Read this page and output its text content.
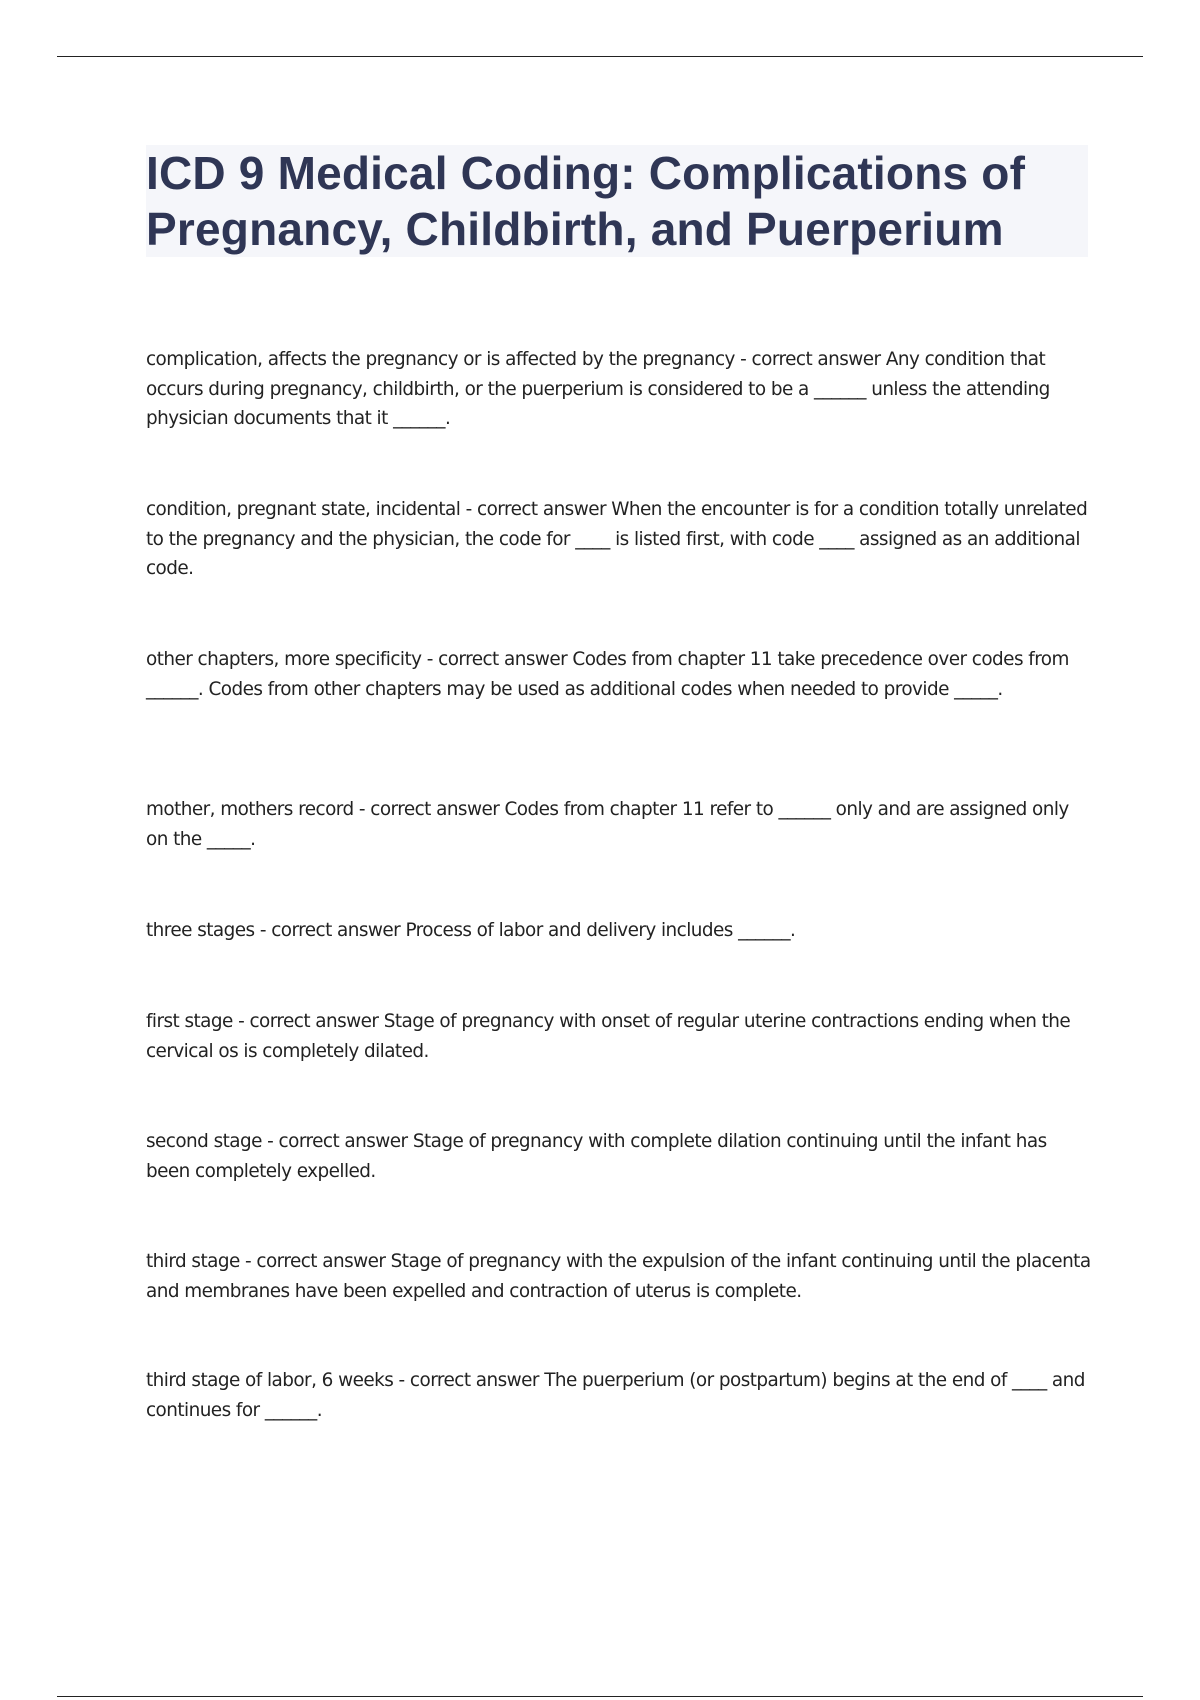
ICD 9 Medical Coding: Complications of Pregnancy, Childbirth, and Puerperium

complication, affects the pregnancy or is affected by the pregnancy - correct answer Any condition that occurs during pregnancy, childbirth, or the puerperium is considered to be a ______ unless the attending physician documents that it ______.

condition, pregnant state, incidental - correct answer When the encounter is for a condition totally unrelated to the pregnancy and the physician, the code for ____ is listed first, with code ____ assigned as an additional code.

other chapters, more specificity - correct answer Codes from chapter 11 take precedence over codes from ______. Codes from other chapters may be used as additional codes when needed to provide _____.

mother, mothers record - correct answer Codes from chapter 11 refer to ______ only and are assigned only on the _____.

three stages - correct answer Process of labor and delivery includes ______.

first stage - correct answer Stage of pregnancy with onset of regular uterine contractions ending when the cervical os is completely dilated.

second stage - correct answer Stage of pregnancy with complete dilation continuing until the infant has been completely expelled.

third stage - correct answer Stage of pregnancy with the expulsion of the infant continuing until the placenta and membranes have been expelled and contraction of uterus is complete.

third stage of labor, 6 weeks - correct answer The puerperium (or postpartum) begins at the end of ____ and continues for ______.
